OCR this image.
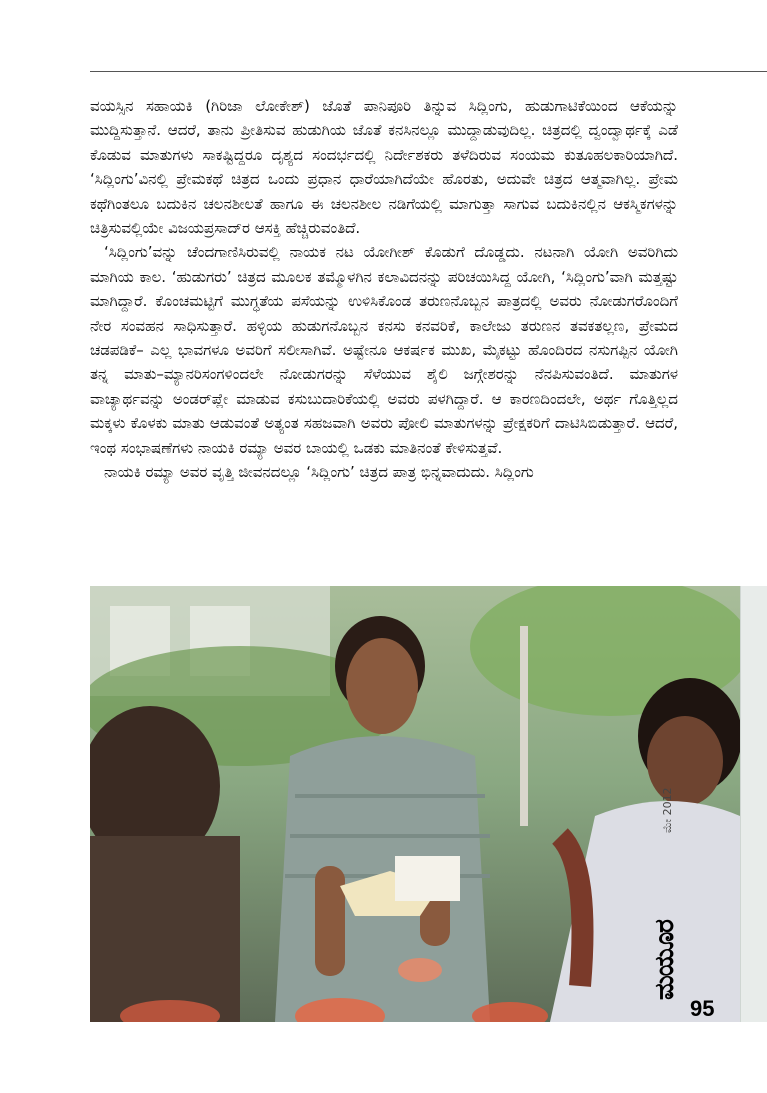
ವಯಸ್ಸಿನ ಸಹಾಯಕಿ (ಗಿರಿಜಾ ಲೋಕೇಶ್) ಜೊತೆ ಪಾನಿಪೂರಿ ತಿನ್ನುವ ಸಿದ್ಲಿಂಗು, ಹುಡುಗಾಟಿಕೆಯಿಂದ ಆಕೆಯನ್ನು ಮುದ್ದಿಸುತ್ತಾನೆ. ಆದರೆ, ತಾನು ಪ್ರೀತಿಸುವ ಹುಡುಗಿಯ ಜೊತೆ ಕನಸಿನಲ್ಲೂ ಮುದ್ದಾಡುವುದಿಲ್ಲ. ಚಿತ್ರದಲ್ಲಿ ದ್ವಂದ್ವಾರ್ಥಕ್ಕೆ ಎಡೆ ಕೊಡುವ ಮಾತುಗಳು ಸಾಕಷ್ಟಿದ್ದರೂ ದೃಶ್ಯದ ಸಂದರ್ಭದಲ್ಲಿ ನಿರ್ದೇಶಕರು ತಳೆದಿರುವ ಸಂಯಮ ಕುತೂಹಲಕಾರಿಯಾಗಿದೆ. ‘ಸಿದ್ಲಿಂಗು’ವಿನಲ್ಲಿ ಪ್ರೇಮಕಥೆ ಚಿತ್ರದ ಒಂದು ಪ್ರಧಾನ ಧಾರೆಯಾಗಿದೆಯೇ ಹೊರತು, ಅದುವೇ ಚಿತ್ರದ ಆತ್ಮವಾಗಿಲ್ಲ. ಪ್ರೇಮ ಕಥೆಗಿಂತಲೂ ಬದುಕಿನ ಚಲನಶೀಲತೆ ಹಾಗೂ ಈ ಚಲನಶೀಲ ನಡಿಗೆಯಲ್ಲಿ ಮಾಗುತ್ತಾ ಸಾಗುವ ಬದುಕಿನಲ್ಲಿನ ಆಕಸ್ಮಿಕಗಳನ್ನು ಚಿತ್ರಿಸುವಲ್ಲಿಯೇ ವಿಜಯಪ್ರಸಾದ್‌ರ ಆಸಕ್ತಿ ಹೆಚ್ಚಿರುವಂತಿದೆ.

‘ಸಿದ್ಲಿಂಗು’ವನ್ನು ಚೆಂದಗಾಣಿಸಿರುವಲ್ಲಿ ನಾಯಕ ನಟ ಯೋಗೀಶ್ ಕೊಡುಗೆ ದೊಡ್ಡದು. ನಟನಾಗಿ ಯೋಗಿ ಅವರಿಗಿದು ಮಾಗಿಯ ಕಾಲ. ‘ಹುಡುಗರು’ ಚಿತ್ರದ ಮೂಲಕ ತಮ್ಮೊಳಗಿನ ಕಲಾವಿದನನ್ನು ಪರಿಚಯಿಸಿದ್ದ ಯೋಗಿ, ‘ಸಿದ್ಲಿಂಗು’ವಾಗಿ ಮತ್ತಷ್ಟು ಮಾಗಿದ್ದಾರೆ. ಕೊಂಚಮಟ್ಟಿಗೆ ಮುಗ್ಧತೆಯ ಪಸೆಯನ್ನು ಉಳಿಸಿಕೊಂಡ ತರುಣನೊಬ್ಬನ ಪಾತ್ರದಲ್ಲಿ ಅವರು ನೋಡುಗರೊಂದಿಗೆ ನೇರ ಸಂವಹನ ಸಾಧಿಸುತ್ತಾರೆ. ಹಳ್ಳಿಯ ಹುಡುಗನೊಬ್ಬನ ಕನಸು ಕನವರಿಕೆ, ಕಾಲೇಜು ತರುಣನ ತವಕತಲ್ಲಣ, ಪ್ರೇಮದ ಚಡಪಡಿಕೆ– ಎಲ್ಲ ಭಾವಗಳೂ ಅವರಿಗೆ ಸಲೀಸಾಗಿವೆ. ಅಷ್ಟೇನೂ ಆಕರ್ಷಕ ಮುಖ, ಮೈಕಟ್ಟು ಹೊಂದಿರದ ನಸುಗಪ್ಪಿನ ಯೋಗಿ ತನ್ನ ಮಾತು–ಮ್ಯಾನರಿಸಂಗಳಿಂದಲೇ ನೋಡುಗರನ್ನು ಸೆಳೆಯುವ ಶೈಲಿ ಜಗ್ಗೇಶರನ್ನು ನೆನಪಿಸುವಂತಿದೆ. ಮಾತುಗಳ ವಾಚ್ಯಾರ್ಥವನ್ನು ಅಂಡರ್‌ಪ್ಲೇ ಮಾಡುವ ಕಸುಬುದಾರಿಕೆಯಲ್ಲಿ ಅವರು ಪಳಗಿದ್ದಾರೆ. ಆ ಕಾರಣದಿಂದಲೇ, ಅರ್ಥ ಗೊತ್ತಿಲ್ಲದ ಮಕ್ಕಳು ಕೊಳಕು ಮಾತು ಆಡುವಂತೆ ಅತ್ಯಂತ ಸಹಜವಾಗಿ ಅವರು ಪೋಲಿ ಮಾತುಗಳನ್ನು ಪ್ರೇಕ್ಷಕರಿಗೆ ದಾಟಿಸಿಬಿಡುತ್ತಾರೆ. ಆದರೆ, ಇಂಥ ಸಂಭಾಷಣೆಗಳು ನಾಯಕಿ ರಮ್ಯಾ ಅವರ ಬಾಯಲ್ಲಿ ಒಡಕು ಮಾತಿನಂತೆ ಕೇಳಿಸುತ್ತವೆ.

ನಾಯಕಿ ರಮ್ಯಾ ಅವರ ವೃತ್ತಿ ಜೀವನದಲ್ಲೂ ‘ಸಿದ್ಲಿಂಗು’ ಚಿತ್ರದ ಪಾತ್ರ ಭಿನ್ನವಾದುದು. ಸಿದ್ಲಿಂಗು

ಮೇ 2012
ಮಯೂರ
95
